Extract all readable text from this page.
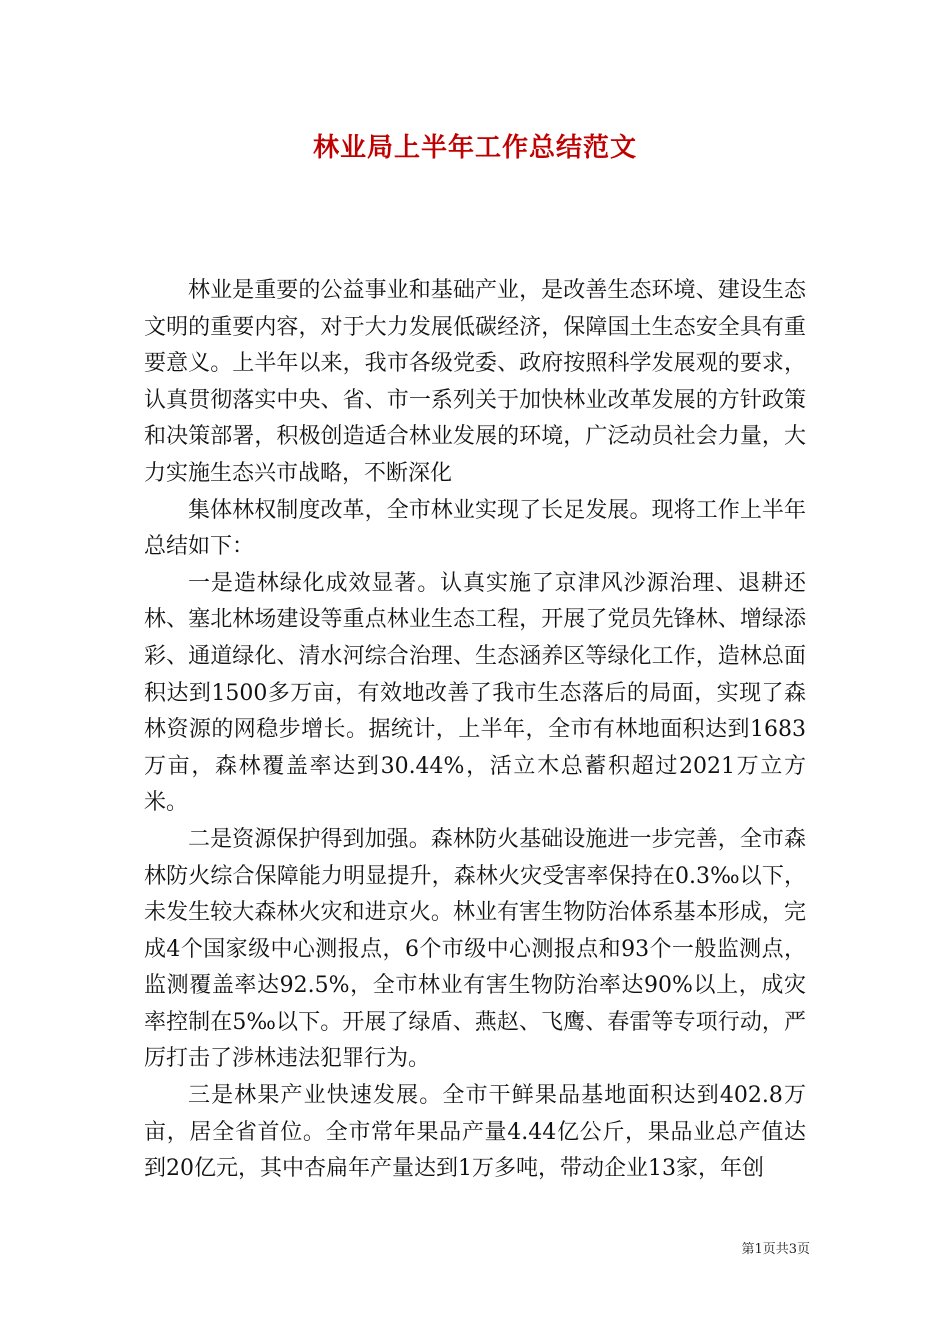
林业局上半年工作总结范文

林业是重要的公益事业和基础产业，是改善生态环境、建设生态文明的重要内容，对于大力发展低碳经济，保障国土生态安全具有重要意义。上半年以来，我市各级党委、政府按照科学发展观的要求，认真贯彻落实中央、省、市一系列关于加快林业改革发展的方针政策和决策部署，积极创造适合林业发展的环境，广泛动员社会力量，大力实施生态兴市战略，不断深化

集体林权制度改革，全市林业实现了长足发展。现将工作上半年总结如下：

一是造林绿化成效显著。认真实施了京津风沙源治理、退耕还林、塞北林场建设等重点林业生态工程，开展了党员先锋林、增绿添彩、通道绿化、清水河综合治理、生态涵养区等绿化工作，造林总面积达到1500多万亩，有效地改善了我市生态落后的局面，实现了森林资源的网稳步增长。据统计，上半年，全市有林地面积达到1683万亩，森林覆盖率达到30.44%，活立木总蓄积超过2021万立方米。

二是资源保护得到加强。森林防火基础设施进一步完善，全市森林防火综合保障能力明显提升，森林火灾受害率保持在0.3‰以下，未发生较大森林火灾和进京火。林业有害生物防治体系基本形成，完成4个国家级中心测报点，6个市级中心测报点和93个一般监测点，监测覆盖率达92.5%，全市林业有害生物防治率达90%以上，成灾率控制在5‰以下。开展了绿盾、燕赵、飞鹰、春雷等专项行动，严厉打击了涉林违法犯罪行为。

三是林果产业快速发展。全市干鲜果品基地面积达到402.8万亩，居全省首位。全市常年果品产量4.44亿公斤，果品业总产值达到20亿元，其中杏扁年产量达到1万多吨，带动企业13家，年创

第1页共3页
